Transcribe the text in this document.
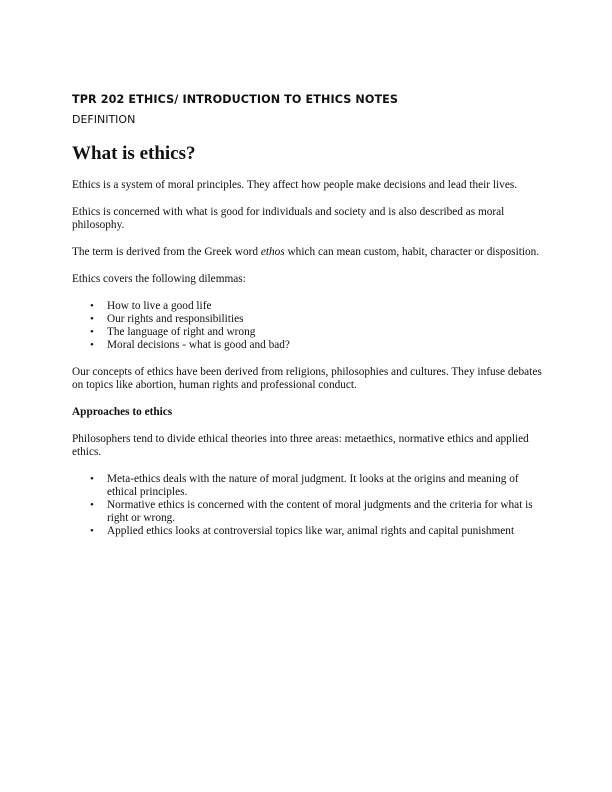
TPR 202 ETHICS/ INTRODUCTION TO ETHICS NOTES
DEFINITION
What is ethics?

Ethics is a system of moral principles. They affect how people make decisions and lead their lives.

Ethics is concerned with what is good for individuals and society and is also described as moral philosophy.

The term is derived from the Greek word ethos which can mean custom, habit, character or disposition.

Ethics covers the following dilemmas:

• How to live a good life
• Our rights and responsibilities
• The language of right and wrong
• Moral decisions - what is good and bad?

Our concepts of ethics have been derived from religions, philosophies and cultures. They infuse debates on topics like abortion, human rights and professional conduct.

Approaches to ethics

Philosophers tend to divide ethical theories into three areas: metaethics, normative ethics and applied ethics.

• Meta-ethics deals with the nature of moral judgment. It looks at the origins and meaning of ethical principles.
• Normative ethics is concerned with the content of moral judgments and the criteria for what is right or wrong.
• Applied ethics looks at controversial topics like war, animal rights and capital punishment
